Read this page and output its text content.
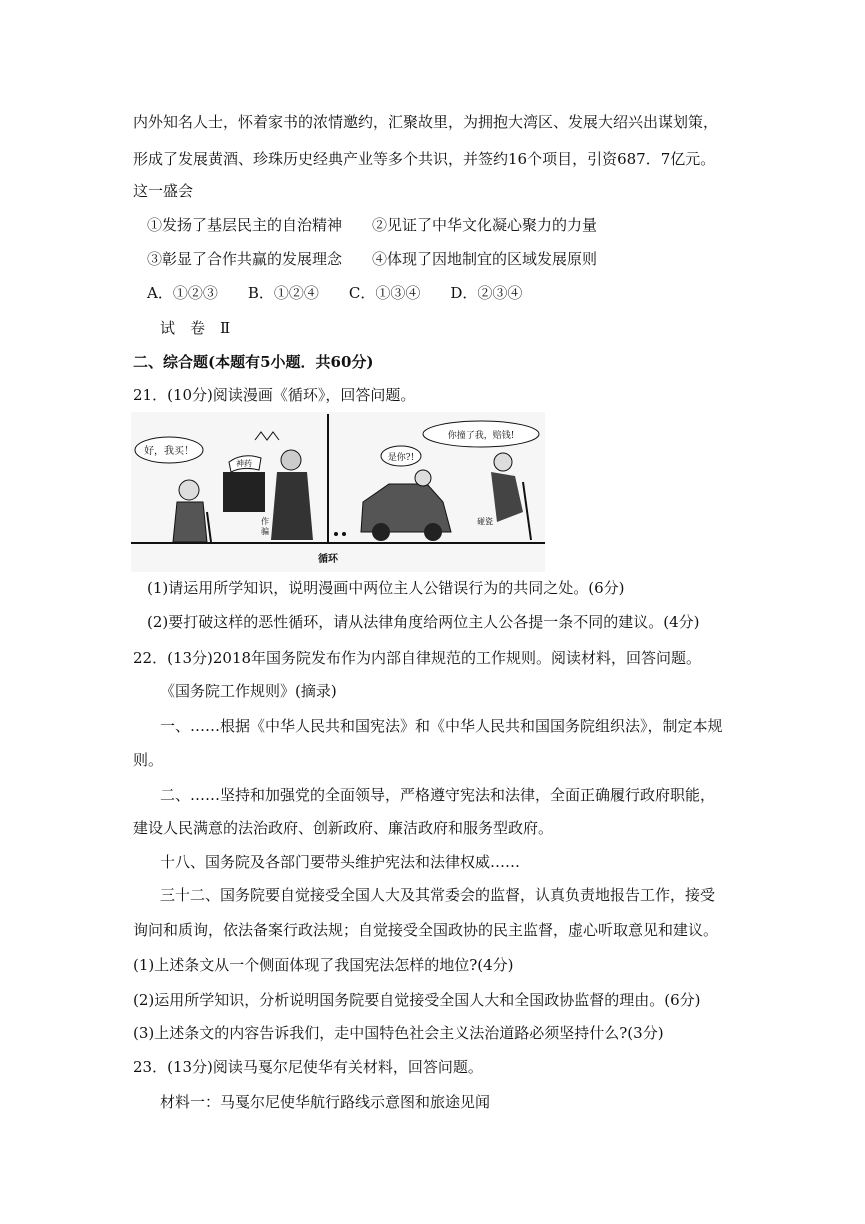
内外知名人士，怀着家书的浓情邀约，汇聚故里，为拥抱大湾区、发展大绍兴出谋划策，
形成了发展黄酒、珍珠历史经典产业等多个共识，并签约16个项目，引资687．7亿元。
这一盛会
①发扬了基层民主的自治精神　　②见证了中华文化凝心聚力的力量
③彰显了合作共赢的发展理念　　④体现了因地制宜的区域发展原则
A．①②③　　B．①②④　　C．①③④　　D．②③④
试　卷　Ⅱ
二、综合题(本题有5小题．共60分)
21．(10分)阅读漫画《循环》，回答问题。
好，我买！
神药
作骗
是你?!
你撞了我，赔钱!
碰瓷
循环
(1)请运用所学知识，说明漫画中两位主人公错误行为的共同之处。(6分)
(2)要打破这样的恶性循环，请从法律角度给两位主人公各提一条不同的建议。(4分)
22．(13分)2018年国务院发布作为内部自律规范的工作规则。阅读材料，回答问题。
《国务院工作规则》(摘录)
一、……根据《中华人民共和国宪法》和《中华人民共和国国务院组织法》，制定本规
则。
二、……坚持和加强党的全面领导，严格遵守宪法和法律，全面正确履行政府职能，
建设人民满意的法治政府、创新政府、廉洁政府和服务型政府。
十八、国务院及各部门要带头维护宪法和法律权威……
三十二、国务院要自觉接受全国人大及其常委会的监督，认真负责地报告工作，接受
询问和质询，依法备案行政法规；自觉接受全国政协的民主监督，虚心听取意见和建议。
(1)上述条文从一个侧面体现了我国宪法怎样的地位?(4分)
(2)运用所学知识，分析说明国务院要自觉接受全国人大和全国政协监督的理由。(6分)
(3)上述条文的内容告诉我们，走中国特色社会主义法治道路必须坚持什么?(3分)
23．(13分)阅读马戛尔尼使华有关材料，回答问题。
材料一：马戛尔尼使华航行路线示意图和旅途见闻
